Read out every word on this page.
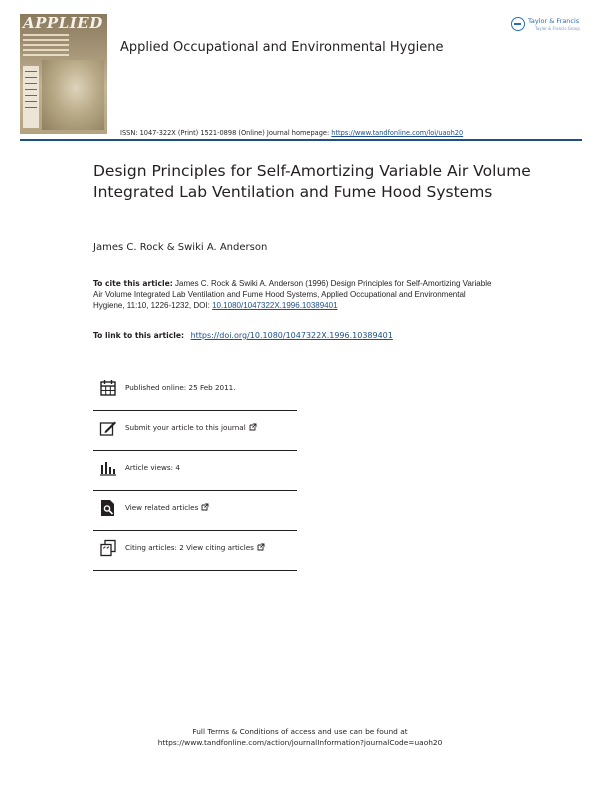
APPLIED
Applied Occupational and Environmental Hygiene
Taylor & Francis
Taylor & Francis Group
ISSN: 1047-322X (Print) 1521-0898 (Online) Journal homepage: https://www.tandfonline.com/loi/uaoh20
Design Principles for Self-Amortizing Variable Air Volume Integrated Lab Ventilation and Fume Hood Systems
James C. Rock & Swiki A. Anderson
To cite this article: James C. Rock & Swiki A. Anderson (1996) Design Principles for Self-Amortizing Variable Air Volume Integrated Lab Ventilation and Fume Hood Systems, Applied Occupational and Environmental Hygiene, 11:10, 1226-1232, DOI: 10.1080/1047322X.1996.10389401
To link to this article: https://doi.org/10.1080/1047322X.1996.10389401
Published online: 25 Feb 2011.
Submit your article to this journal
Article views: 4
View related articles
Citing articles: 2 View citing articles
Full Terms & Conditions of access and use can be found at
https://www.tandfonline.com/action/journalInformation?journalCode=uaoh20
